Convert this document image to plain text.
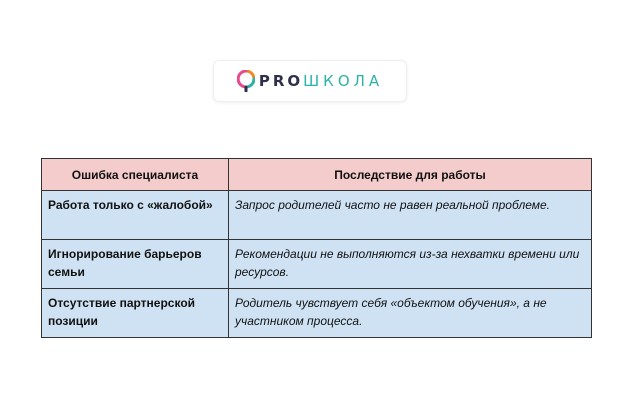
PRO ШКОЛА
Ошибка специалиста	Последствие для работы
Работа только с «жалобой»	Запрос родителей часто не равен реальной проблеме.
Игнорирование барьеров семьи	Рекомендации не выполняются из-за нехватки времени или ресурсов.
Отсутствие партнерской позиции	Родитель чувствует себя «объектом обучения», а не участником процесса.
